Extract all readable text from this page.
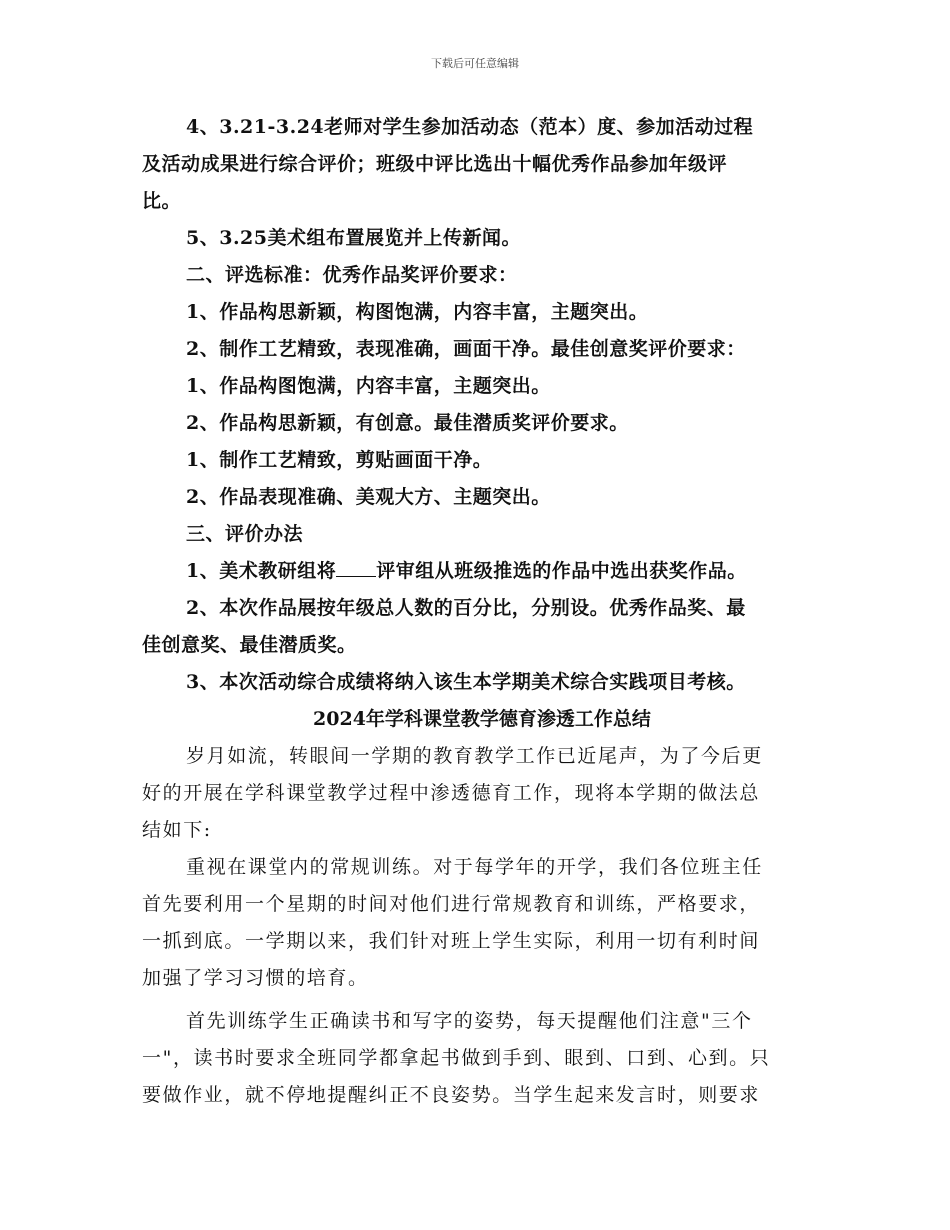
下载后可任意编辑
4、3.21-3.24老师对学生参加活动态（范本）度、参加活动过程
及活动成果进行综合评价；班级中评比选出十幅优秀作品参加年级评
比。
5、3.25美术组布置展览并上传新闻。
二、评选标准：优秀作品奖评价要求：
1、作品构思新颖，构图饱满，内容丰富，主题突出。
2、制作工艺精致，表现准确，画面干净。最佳创意奖评价要求：
1、作品构图饱满，内容丰富，主题突出。
2、作品构思新颖，有创意。最佳潜质奖评价要求。
1、制作工艺精致，剪贴画面干净。
2、作品表现准确、美观大方、主题突出。
三、评价办法
1、美术教研组将 评审组从班级推选的作品中选出获奖作品。
2、本次作品展按年级总人数的百分比，分别设。优秀作品奖、最
佳创意奖、最佳潜质奖。
3、本次活动综合成绩将纳入该生本学期美术综合实践项目考核。
2024年学科课堂教学德育渗透工作总结
岁月如流，转眼间一学期的教育教学工作已近尾声，为了今后更
好的开展在学科课堂教学过程中渗透德育工作，现将本学期的做法总
结如下:
重视在课堂内的常规训练。对于每学年的开学，我们各位班主任
首先要利用一个星期的时间对他们进行常规教育和训练，严格要求，
一抓到底。一学期以来，我们针对班上学生实际，利用一切有利时间
加强了学习习惯的培育。
首先训练学生正确读书和写字的姿势，每天提醒他们注意"三个
一"，读书时要求全班同学都拿起书做到手到、眼到、口到、心到。只
要做作业，就不停地提醒纠正不良姿势。当学生起来发言时，则要求
